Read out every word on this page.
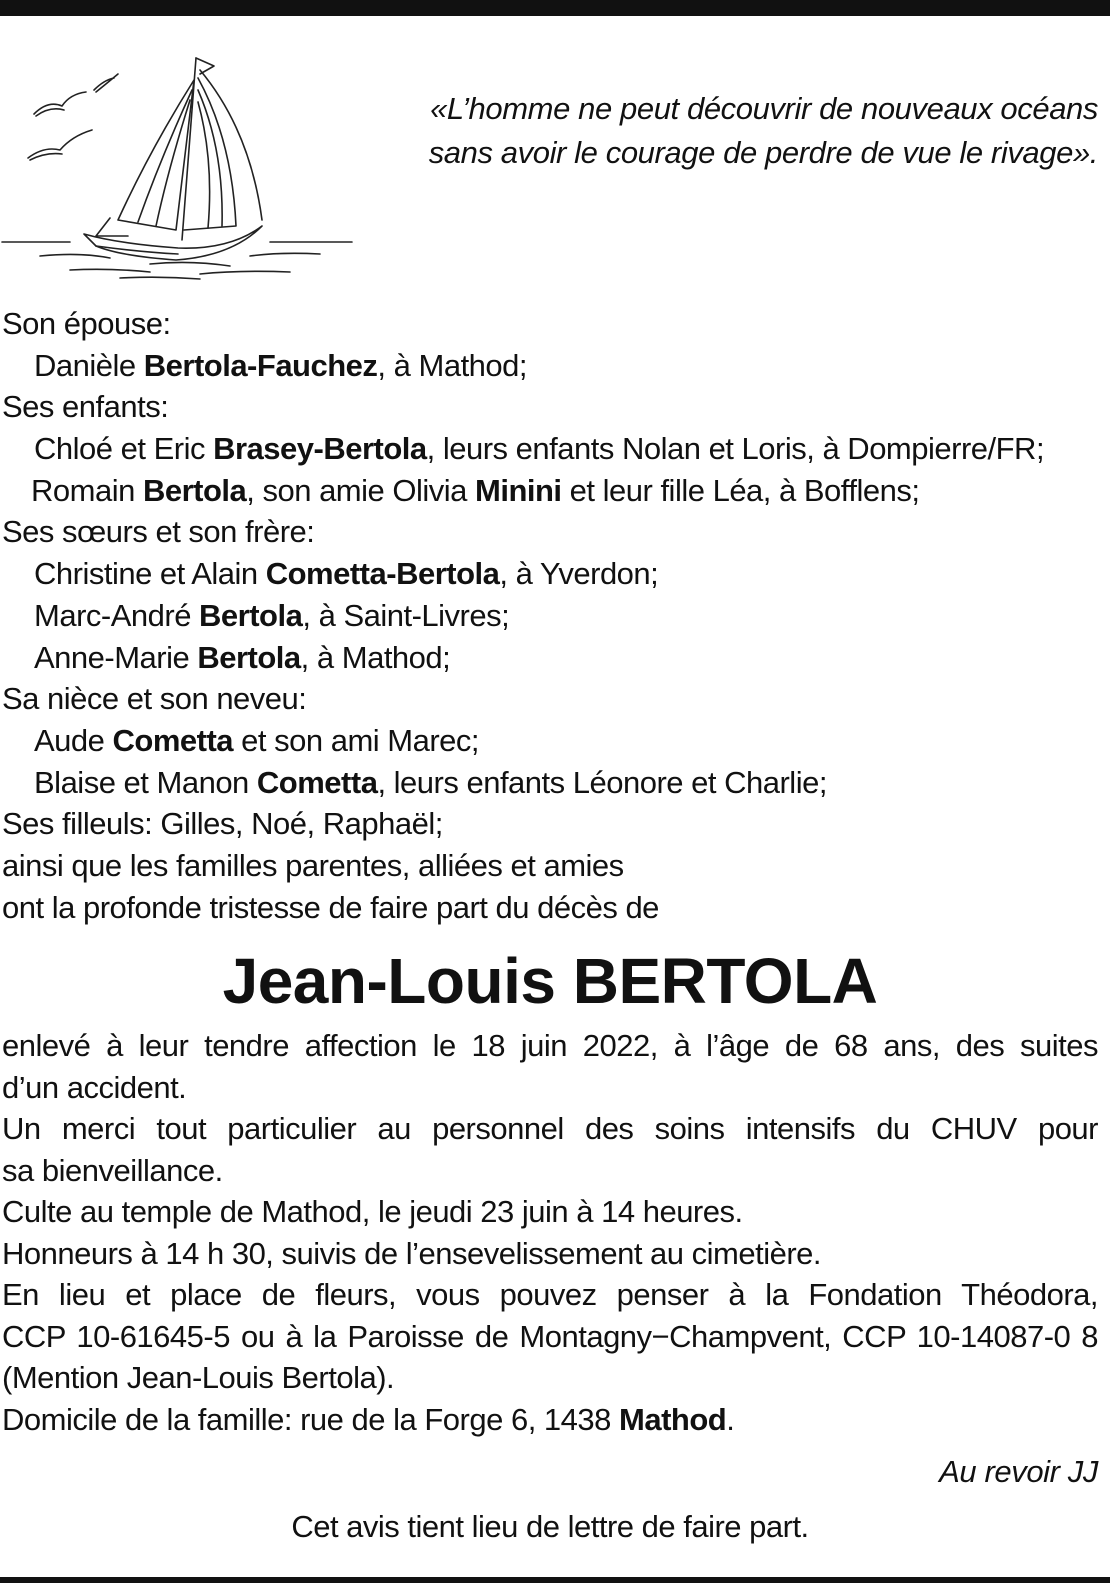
«L’homme ne peut découvrir de nouveaux océans
sans avoir le courage de perdre de vue le rivage».
Son épouse:
Danièle Bertola-Fauchez, à Mathod;
Ses enfants:
Chloé et Eric Brasey-Bertola, leurs enfants Nolan et Loris, à Dompierre/FR;
Romain Bertola, son amie Olivia Minini et leur fille Léa, à Bofflens;
Ses sœurs et son frère:
Christine et Alain Cometta-Bertola, à Yverdon;
Marc-André Bertola, à Saint-Livres;
Anne-Marie Bertola, à Mathod;
Sa nièce et son neveu:
Aude Cometta et son ami Marec;
Blaise et Manon Cometta, leurs enfants Léonore et Charlie;
Ses filleuls: Gilles, Noé, Raphaël;
ainsi que les familles parentes, alliées et amies
ont la profonde tristesse de faire part du décès de
Jean-Louis BERTOLA
enlevé à leur tendre affection le 18 juin 2022, à l’âge de 68 ans, des suites
d’un accident.
Un merci tout particulier au personnel des soins intensifs du CHUV pour
sa bienveillance.
Culte au temple de Mathod, le jeudi 23 juin à 14 heures.
Honneurs à 14 h 30, suivis de l’ensevelissement au cimetière.
En lieu et place de fleurs, vous pouvez penser à la Fondation Théodora,
CCP 10-61645-5 ou à la Paroisse de Montagny−Champvent, CCP 10-14087-0 8
(Mention Jean-Louis Bertola).
Domicile de la famille: rue de la Forge 6, 1438 Mathod.
Au revoir JJ
Cet avis tient lieu de lettre de faire part.
